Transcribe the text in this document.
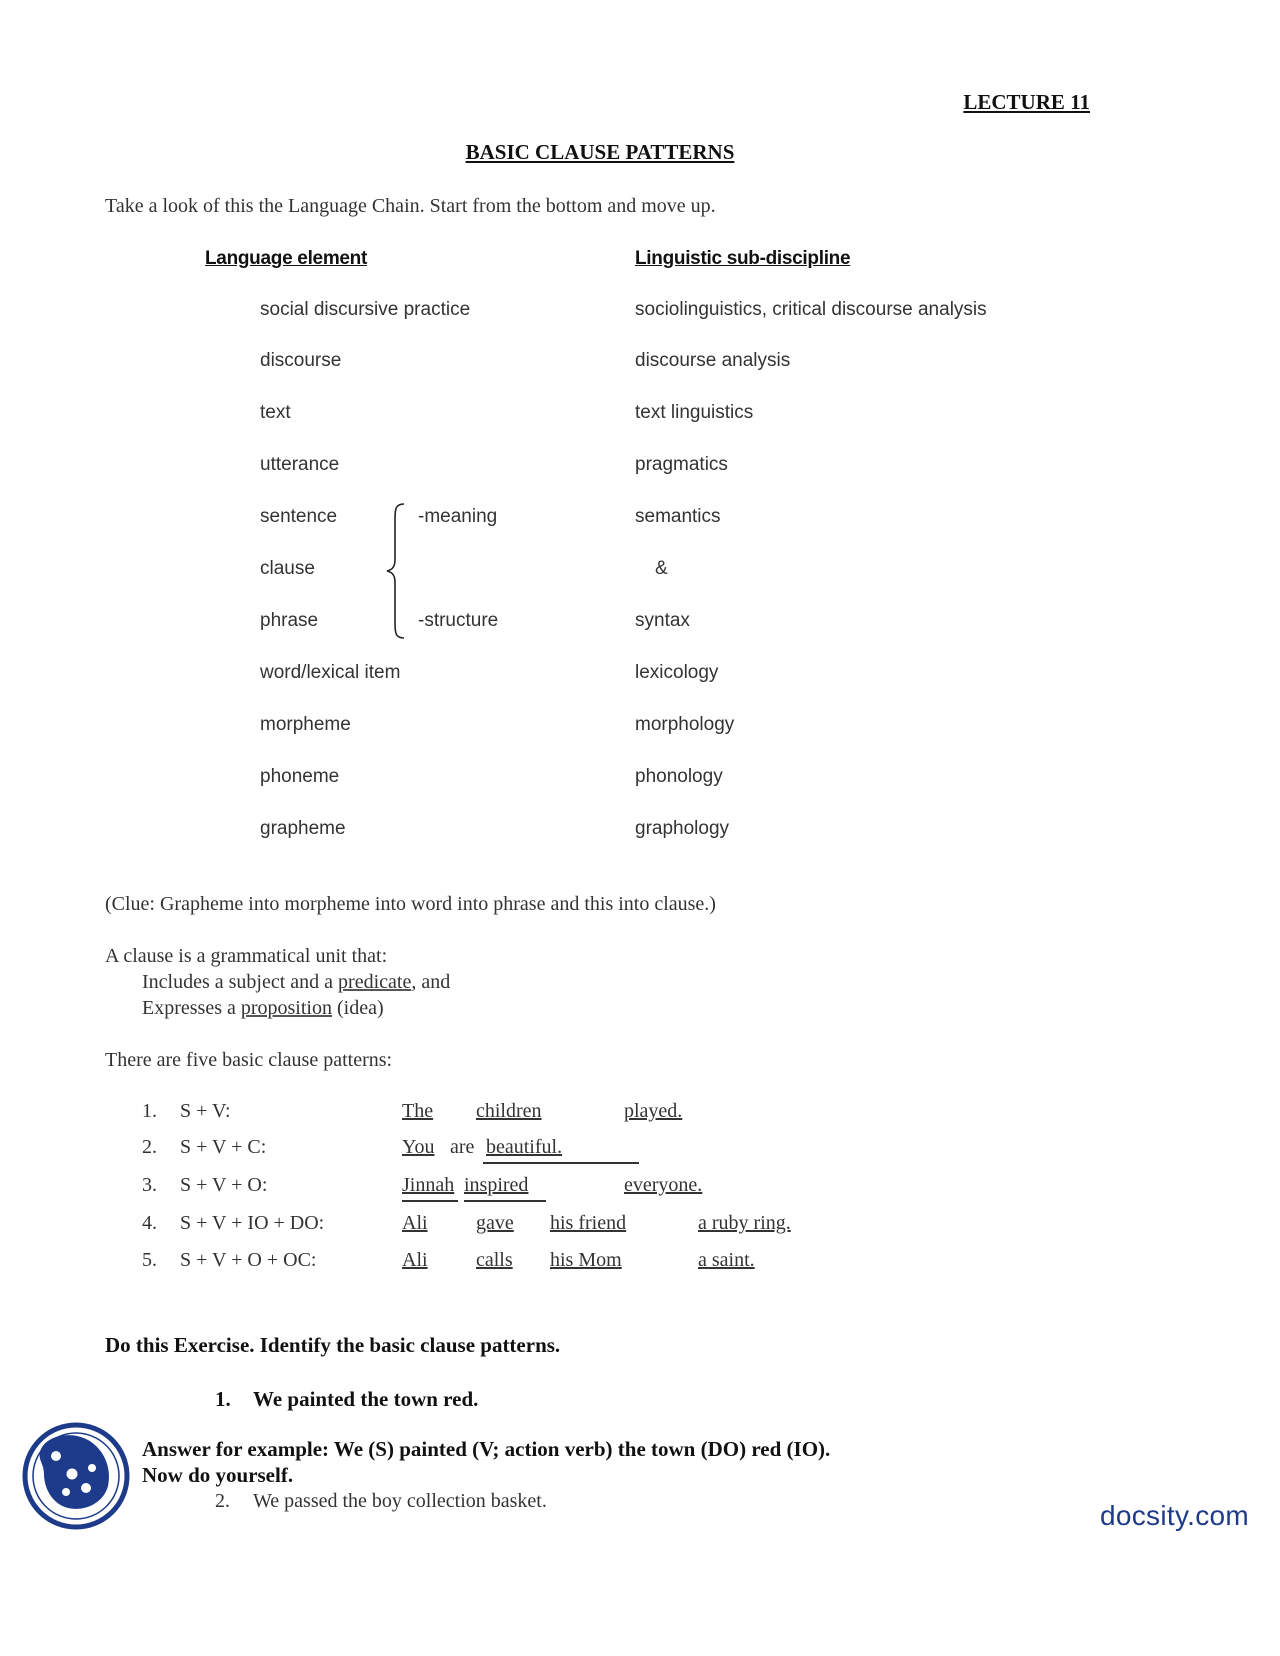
LECTURE 11
BASIC CLAUSE PATTERNS
Take a look of this the Language Chain. Start from the bottom and move up.
Language element	Linguistic sub-discipline
social discursive practice	sociolinguistics, critical discourse analysis
discourse	discourse analysis
text	text linguistics
utterance	pragmatics
sentence	semantics
clause	&
phrase	syntax
word/lexical item	lexicology
morpheme	morphology
phoneme	phonology
grapheme	graphology
-meaning
-structure
(Clue: Grapheme into morpheme into word into phrase and this into clause.)
A clause is a grammatical unit that:
Includes a subject and a predicate, and
Expresses a proposition (idea)
There are five basic clause patterns:
1. S + V:	The children	played.
2. S + V + C:	You are beautiful.
3. S + V + O:	Jinnah inspired	everyone.
4. S + V + IO + DO:	Ali	gave	his friend	a ruby ring.
5. S + V + O + OC:	Ali	calls	his Mom	a saint.
Do this Exercise. Identify the basic clause patterns.
1. We painted the town red.
Answer for example: We (S) painted (V; action verb) the town (DO) red (IO).
Now do yourself.
2. We passed the boy collection basket.	docsity.com
